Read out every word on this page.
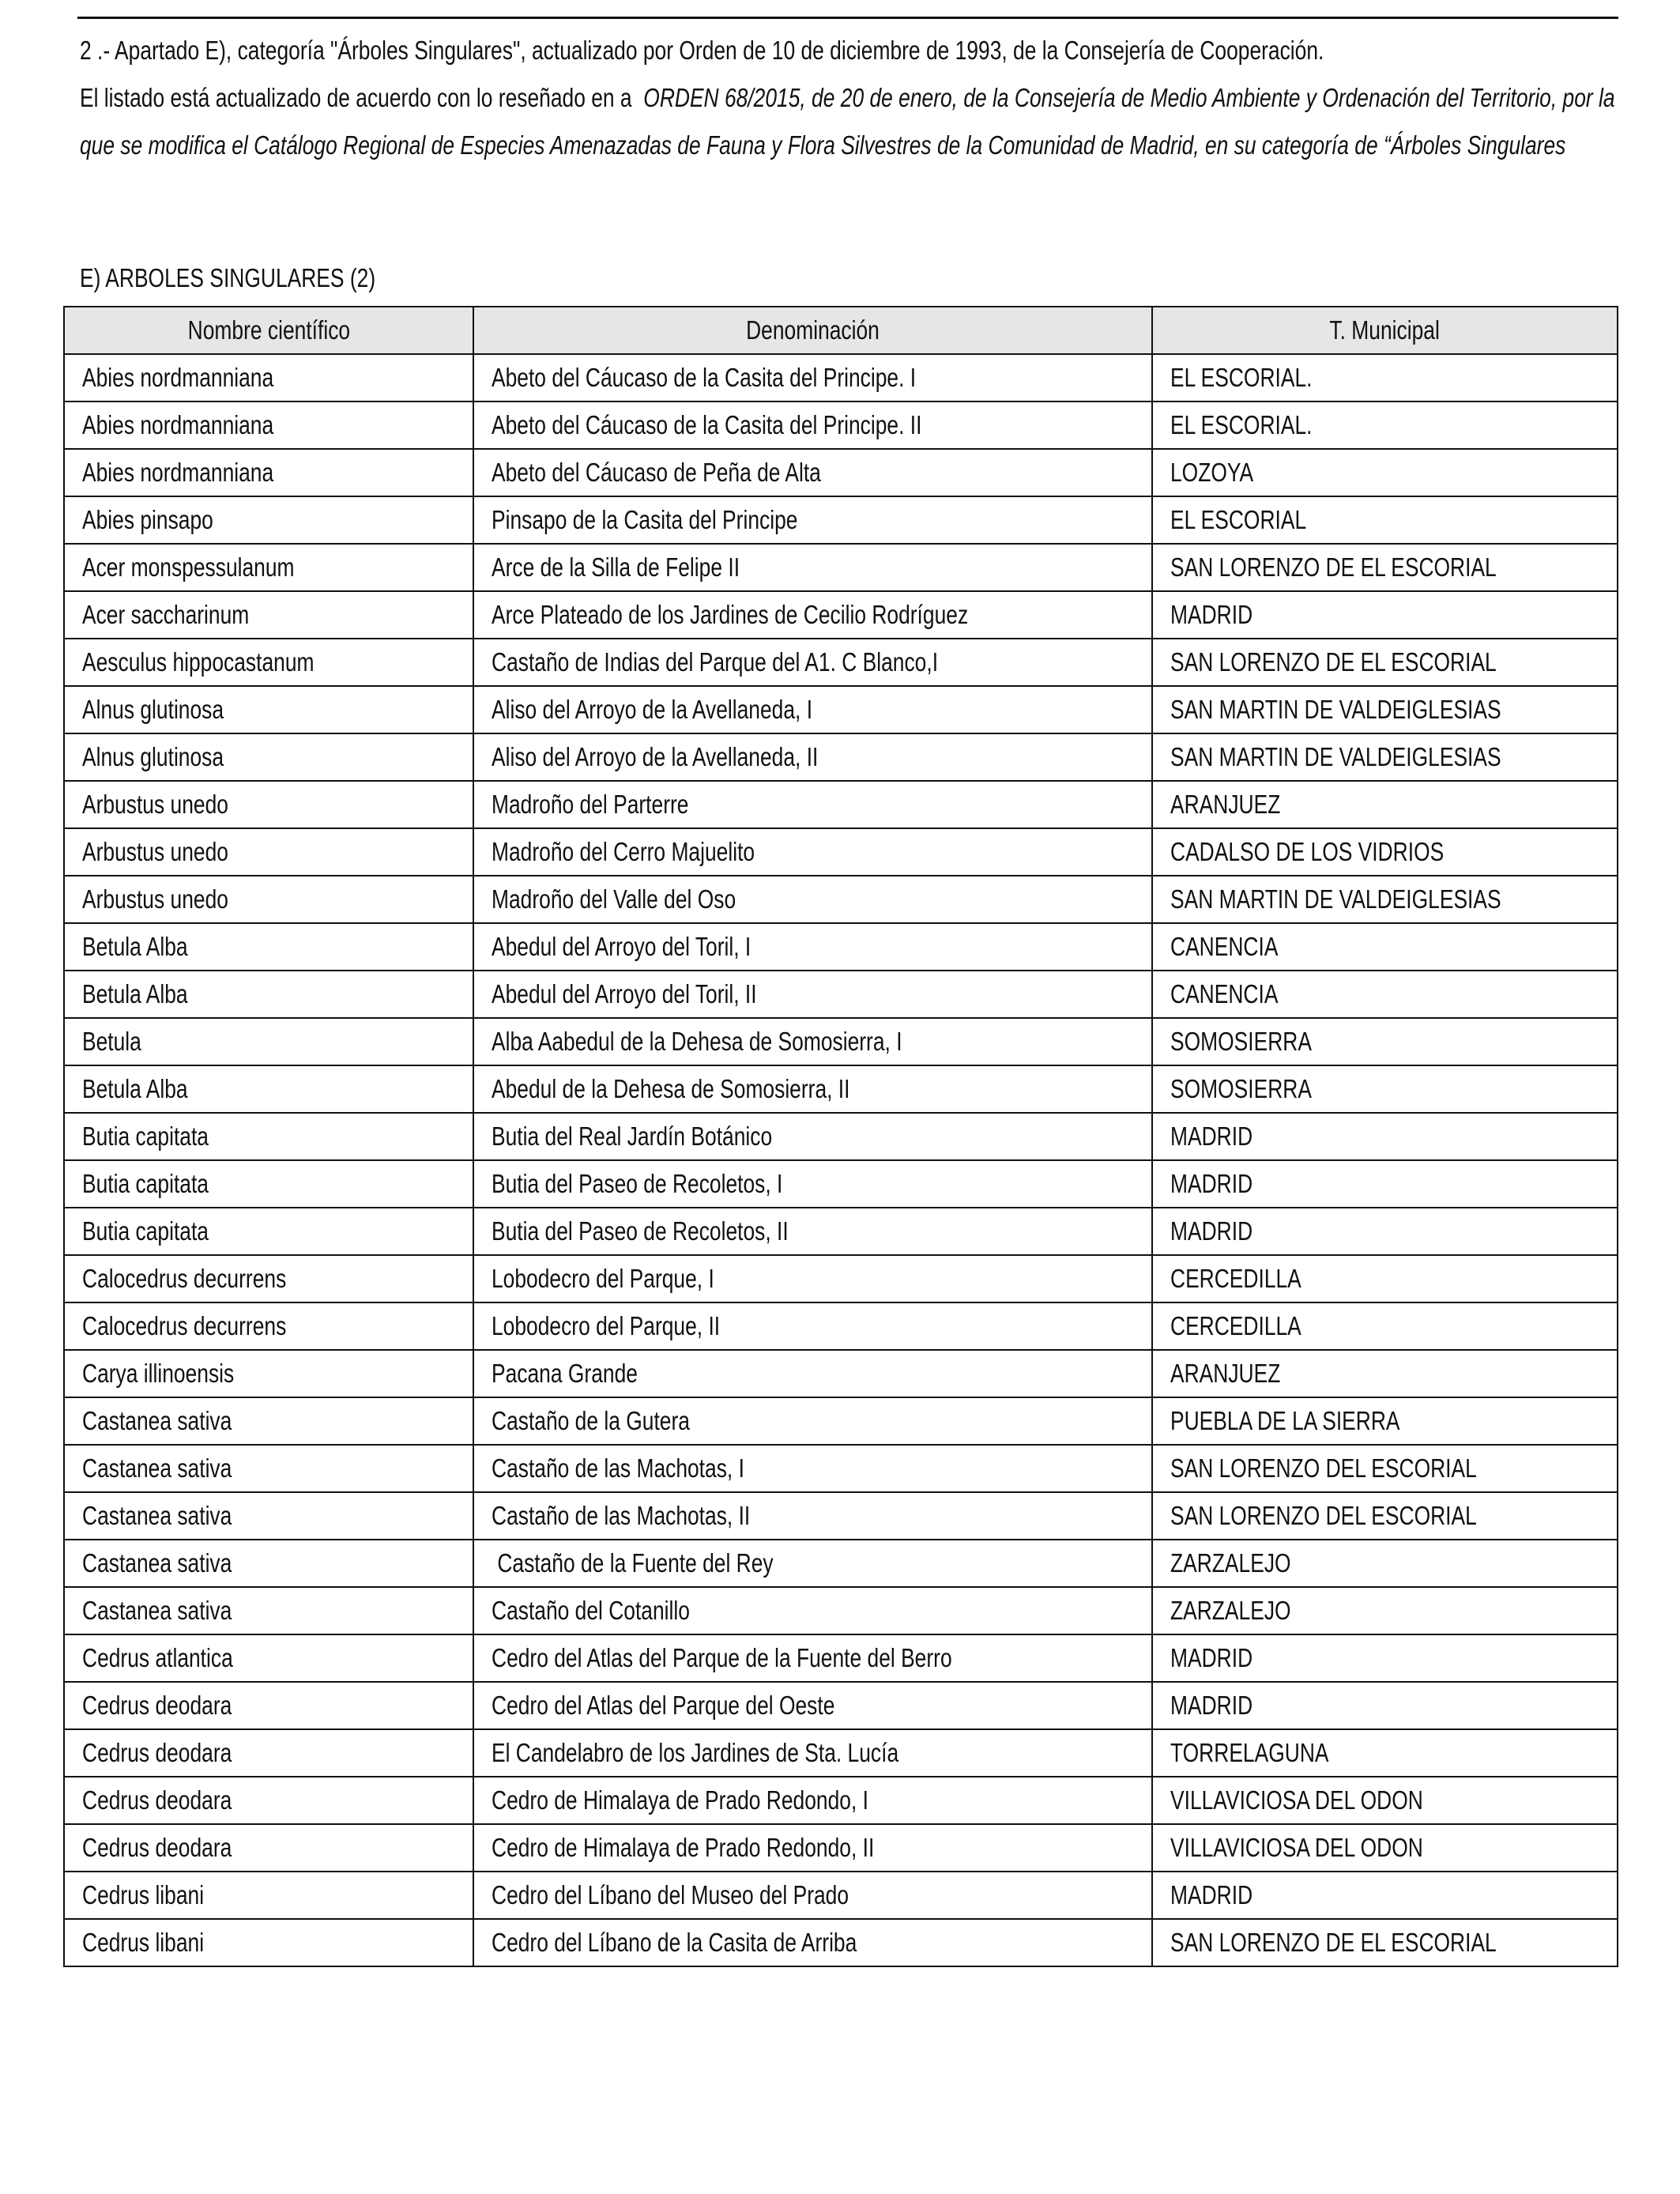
2 .- Apartado E), categoría "Árboles Singulares", actualizado por Orden de 10 de diciembre de 1993, de la Consejería de Cooperación.

El listado está actualizado de acuerdo con lo reseñado en a ORDEN 68/2015, de 20 de enero, de la Consejería de Medio Ambiente y Ordenación del Territorio, por la que se modifica el Catálogo Regional de Especies Amenazadas de Fauna y Flora Silvestres de la Comunidad de Madrid, en su categoría de “Árboles Singulares

E) ARBOLES SINGULARES (2)
Nombre científico	Denominación	T. Municipal
Abies nordmanniana	Abeto del Cáucaso de la Casita del Principe. I	EL ESCORIAL.
Abies nordmanniana	Abeto del Cáucaso de la Casita del Principe. II	EL ESCORIAL.
Abies nordmanniana	Abeto del Cáucaso de Peña de Alta	LOZOYA
Abies pinsapo	Pinsapo de la Casita del Principe	EL ESCORIAL
Acer monspessulanum	Arce de la Silla de Felipe II	SAN LORENZO DE EL ESCORIAL
Acer saccharinum	Arce Plateado de los Jardines de Cecilio Rodríguez	MADRID
Aesculus hippocastanum	Castaño de Indias del Parque del A1. C Blanco,I	SAN LORENZO DE EL ESCORIAL
Alnus glutinosa	Aliso del Arroyo de la Avellaneda, I	SAN MARTIN DE VALDEIGLESIAS
Alnus glutinosa	Aliso del Arroyo de la Avellaneda, II	SAN MARTIN DE VALDEIGLESIAS
Arbustus unedo	Madroño del Parterre	ARANJUEZ
Arbustus unedo	Madroño del Cerro Majuelito	CADALSO DE LOS VIDRIOS
Arbustus unedo	Madroño del Valle del Oso	SAN MARTIN DE VALDEIGLESIAS
Betula Alba	Abedul del Arroyo del Toril, I	CANENCIA
Betula Alba	Abedul del Arroyo del Toril, II	CANENCIA
Betula	Alba Aabedul de la Dehesa de Somosierra, I	SOMOSIERRA
Betula Alba	Abedul de la Dehesa de Somosierra, II	SOMOSIERRA
Butia capitata	Butia del Real Jardín Botánico	MADRID
Butia capitata	Butia del Paseo de Recoletos, I	MADRID
Butia capitata	Butia del Paseo de Recoletos, II	MADRID
Calocedrus decurrens	Lobodecro del Parque, I	CERCEDILLA
Calocedrus decurrens	Lobodecro del Parque, II	CERCEDILLA
Carya illinoensis	Pacana Grande	ARANJUEZ
Castanea sativa	Castaño de la Gutera	PUEBLA DE LA SIERRA
Castanea sativa	Castaño de las Machotas, I	SAN LORENZO DEL ESCORIAL
Castanea sativa	Castaño de las Machotas, II	SAN LORENZO DEL ESCORIAL
Castanea sativa	Castaño de la Fuente del Rey	ZARZALEJO
Castanea sativa	Castaño del Cotanillo	ZARZALEJO
Cedrus atlantica	Cedro del Atlas del Parque de la Fuente del Berro	MADRID
Cedrus deodara	Cedro del Atlas del Parque del Oeste	MADRID
Cedrus deodara	El Candelabro de los Jardines de Sta. Lucía	TORRELAGUNA
Cedrus deodara	Cedro de Himalaya de Prado Redondo, I	VILLAVICIOSA DEL ODON
Cedrus deodara	Cedro de Himalaya de Prado Redondo, II	VILLAVICIOSA DEL ODON
Cedrus libani	Cedro del Líbano del Museo del Prado	MADRID
Cedrus libani	Cedro del Líbano de la Casita de Arriba	SAN LORENZO DE EL ESCORIAL
